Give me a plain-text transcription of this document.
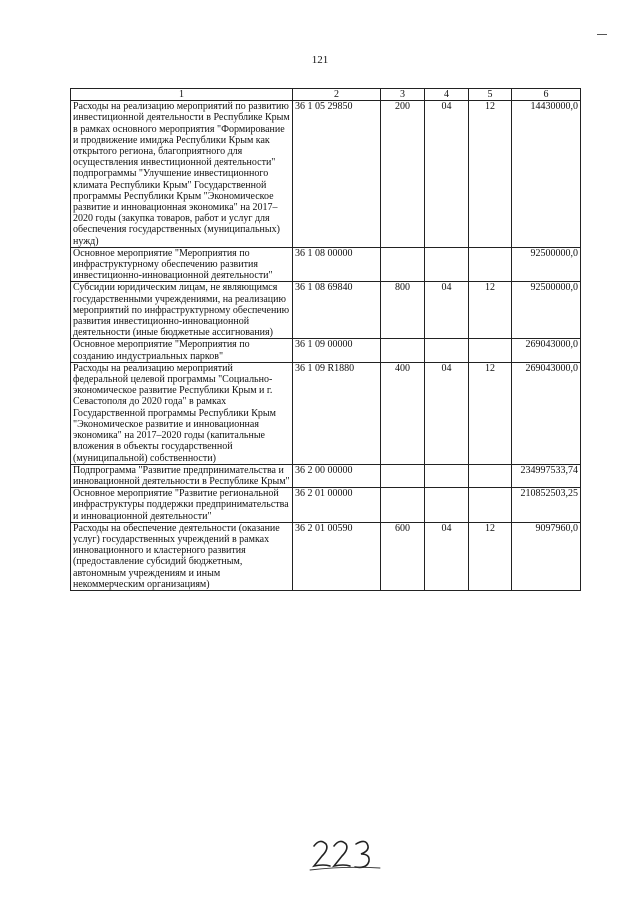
121
1	2	3	4	5	6
Расходы на реализацию мероприятий по развитию инвестиционной деятельности в Республике Крым в рамках основного мероприятия "Формирование и продвижение имиджа Республики Крым как открытого региона, благоприятного для осуществления инвестиционной деятельности" подпрограммы "Улучшение инвестиционного климата Республики Крым" Государственной программы Республики Крым "Экономическое развитие и инновационная экономика" на 2017–2020 годы (закупка товаров, работ и услуг для обеспечения государственных (муниципальных) нужд)	36 1 05 29850	200	04	12	14430000,0
Основное мероприятие "Мероприятия по инфраструктурному обеспечению развития инвестиционно-инновационной деятельности"	36 1 08 00000				92500000,0
Субсидии юридическим лицам, не являющимся государственными учреждениями, на реализацию мероприятий по инфраструктурному обеспечению развития инвестиционно-инновационной деятельности (иные бюджетные ассигнования)	36 1 08 69840	800	04	12	92500000,0
Основное мероприятие "Мероприятия по созданию индустриальных парков"	36 1 09 00000				269043000,0
Расходы на реализацию мероприятий федеральной целевой программы "Социально-экономическое развитие Республики Крым и г. Севастополя до 2020 года" в рамках Государственной программы Республики Крым "Экономическое развитие и инновационная экономика" на 2017–2020 годы (капитальные вложения в объекты государственной (муниципальной) собственности)	36 1 09 R1880	400	04	12	269043000,0
Подпрограмма "Развитие предпринимательства и инновационной деятельности в Республике Крым"	36 2 00 00000				234997533,74
Основное мероприятие "Развитие региональной инфраструктуры поддержки предпринимательства и инновационной деятельности"	36 2 01 00000				210852503,25
Расходы на обеспечение деятельности (оказание услуг) государственных учреждений в рамках инновационного и кластерного развития (предоставление субсидий бюджетным, автономным учреждениям и иным некоммерческим организациям)	36 2 01 00590	600	04	12	9097960,0
